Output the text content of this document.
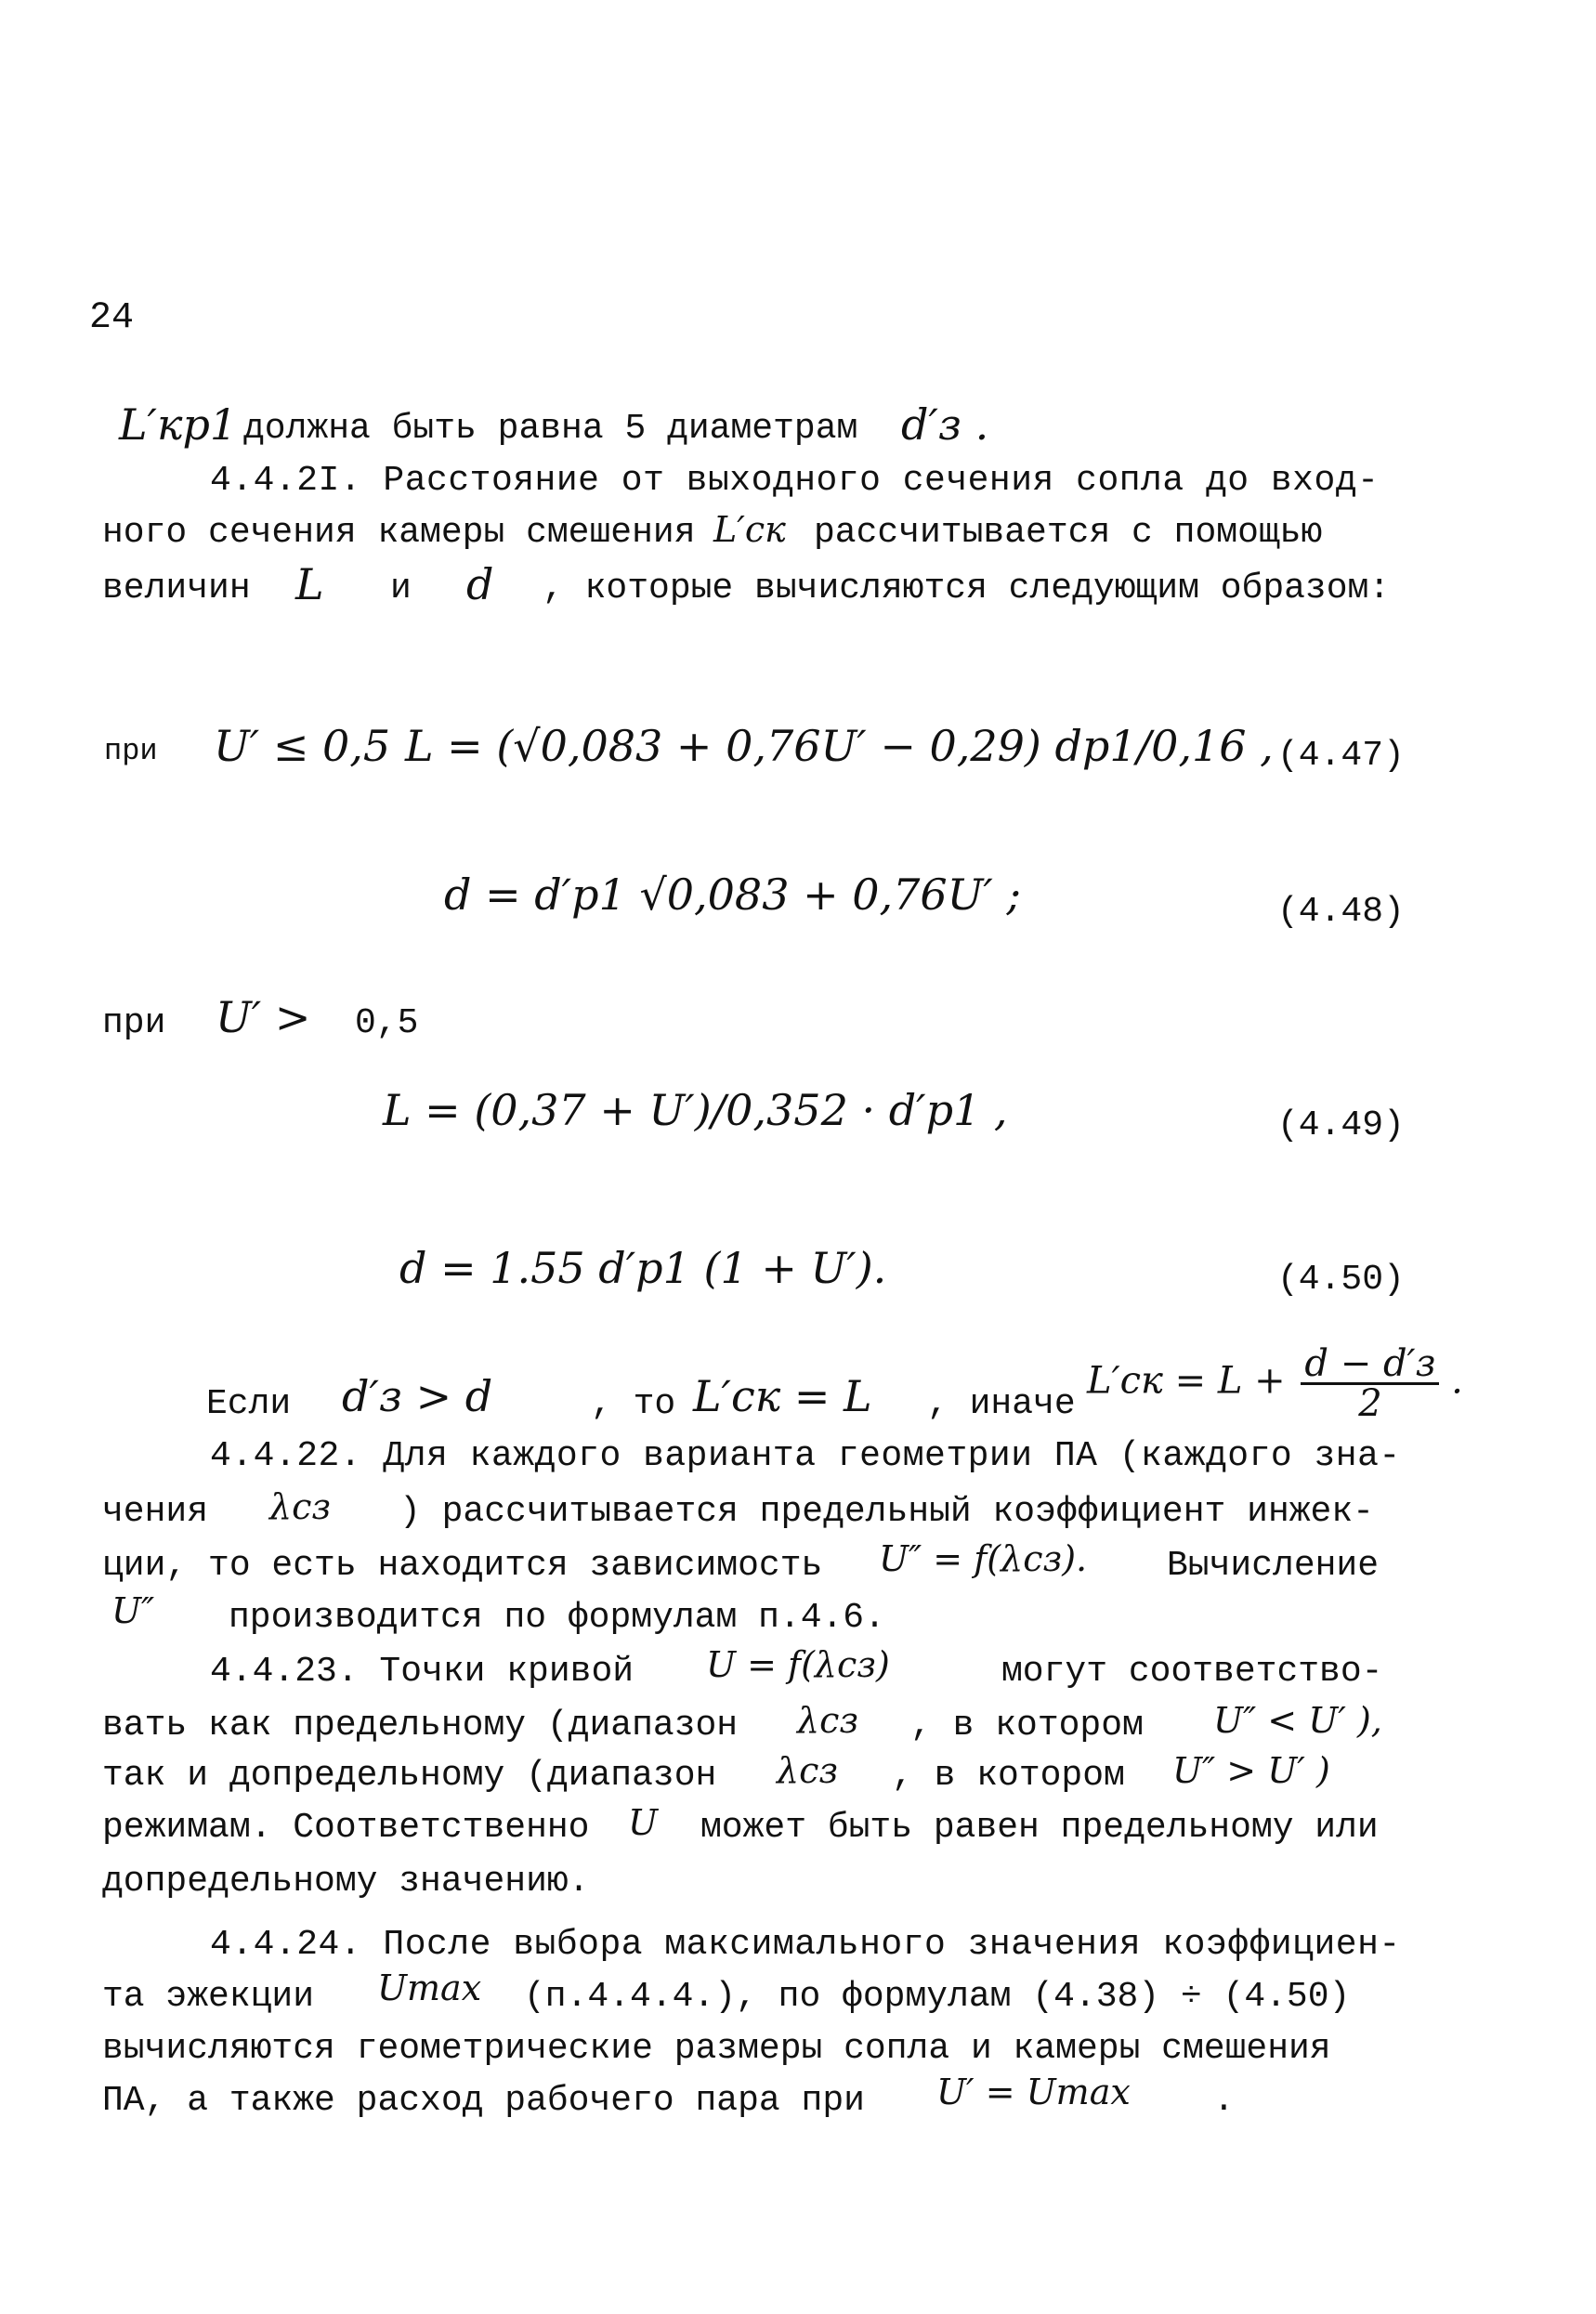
24
L′кр1 должна быть равна 5 диаметрам d′з .
4.4.2I. Расстояние от выходного сечения сопла до вход-
ного сечения камеры смешения L′ск рассчитывается с помощью
величин L и d , которые вычисляются следующим образом:
при U′ ≤ 0,5 L = (√0,083 + 0,76U′ − 0,29) dp1/0,16 , (4.47)
d = d′p1 √0,083 + 0,76U′ ;	(4.48)
при U′ > 0,5
L = (0,37 + U′)/0,352 · d′p1 ,	(4.49)
d = 1.55 d′p1 (1 + U′).	(4.50)
Если d′з > d	, то L′ск = L , иначе
$L'ск = L + \frac{d - d'з}{2}$ .
4.4.22. Для каждого варианта геометрии ПА (каждого зна-
чения λсз ) рассчитывается предельный коэффициент инжек-
ции, то есть находится зависимость U″ = f(λсз). Вычисление
U″ производится по формулам п.4.6.
4.4.23. Точки кривой U = f(λсз)	могут соответство-
вать как предельному (диапазон λсз , в котором U″ < U′ ),
так и допредельному (диапазон λсз , в котором U″ > U′ )
режимам. Соответственно U может быть равен предельному или
допредельному значению.
4.4.24. После выбора максимального значения коэффициен-
та эжекции Umax (п.4.4.4.), по формулам (4.38) ÷ (4.50)
вычисляются геометрические размеры сопла и камеры смешения
ПА, а также расход рабочего пара при U′ = Umax .
